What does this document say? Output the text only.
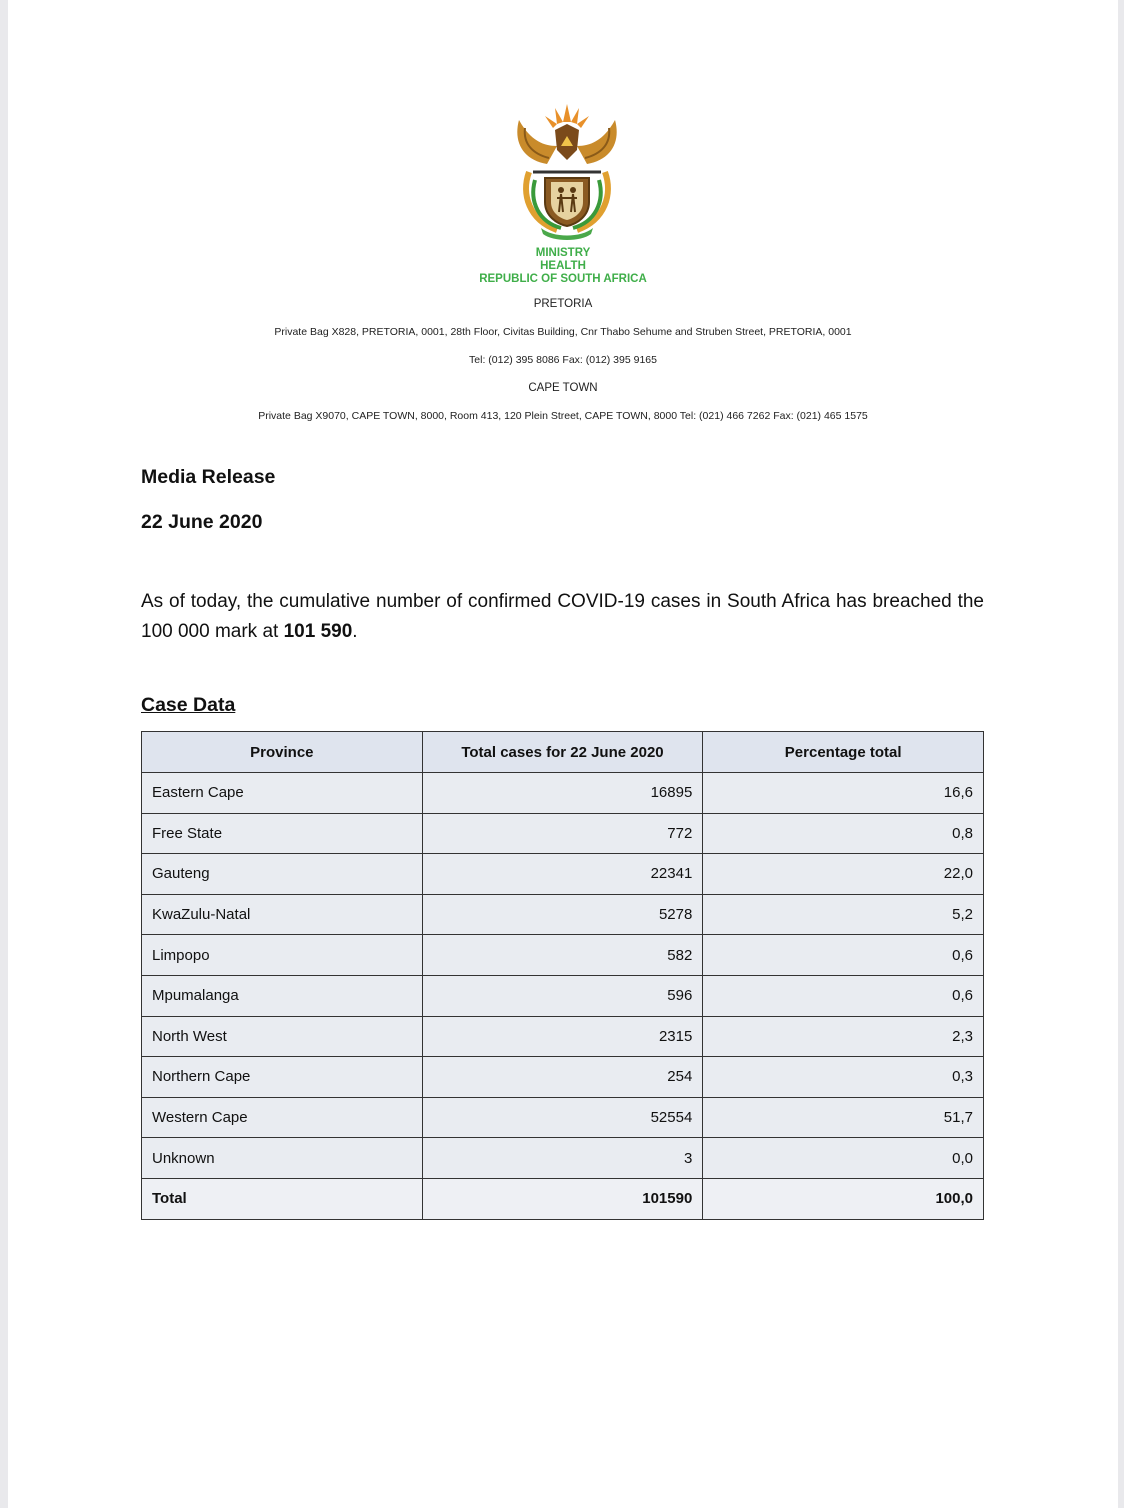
MINISTRY
HEALTH
REPUBLIC OF SOUTH AFRICA
PRETORIA
Private Bag X828, PRETORIA, 0001, 28th Floor, Civitas Building, Cnr Thabo Sehume and Struben Street, PRETORIA, 0001
Tel: (012) 395 8086 Fax: (012) 395 9165
CAPE TOWN
Private Bag X9070, CAPE TOWN, 8000, Room 413, 120 Plein Street, CAPE TOWN, 8000 Tel: (021) 466 7262 Fax: (021) 465 1575
Media Release
22 June 2020
As of today, the cumulative number of confirmed COVID-19 cases in South Africa has breached the 100 000 mark at 101 590.
Case Data
Province	Total cases for 22 June 2020	Percentage total
Eastern Cape	16895	16,6
Free State	772	0,8
Gauteng	22341	22,0
KwaZulu-Natal	5278	5,2
Limpopo	582	0,6
Mpumalanga	596	0,6
North West	2315	2,3
Northern Cape	254	0,3
Western Cape	52554	51,7
Unknown	3	0,0
Total	101590	100,0
